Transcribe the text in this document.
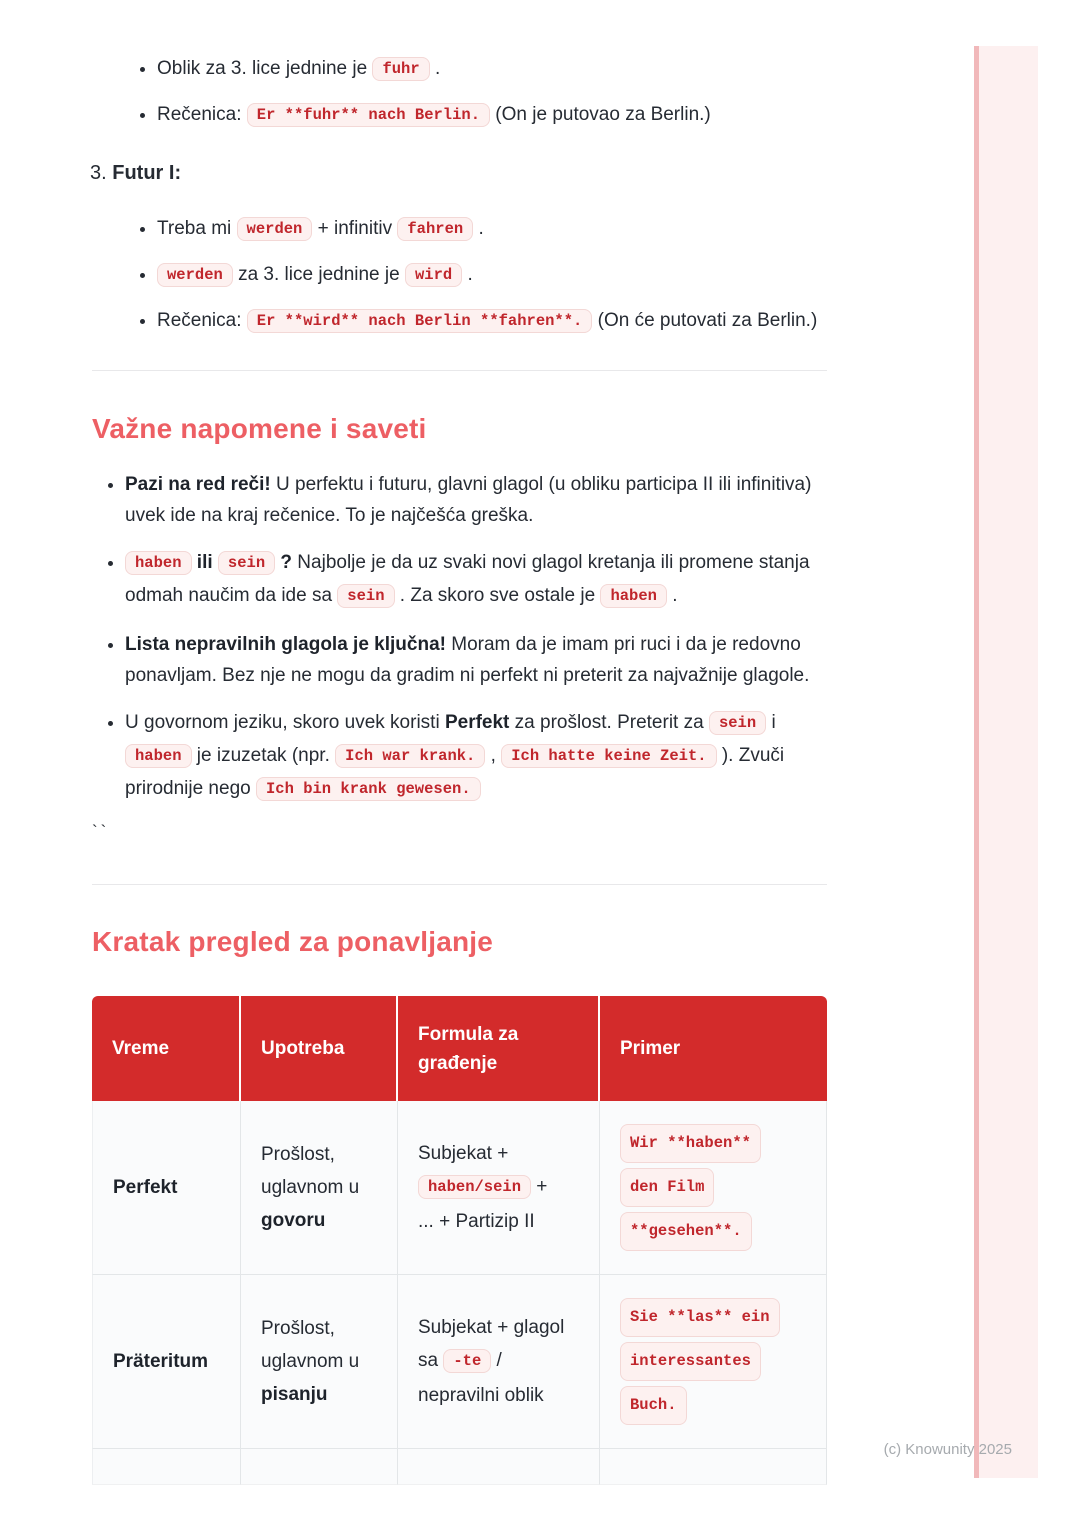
• Oblik za 3. lice jednine je fuhr .
• Rečenica: Er **fuhr** nach Berlin. (On je putovao za Berlin.)
3. Futur I:
• Treba mi werden + infinitiv fahren .
• werden za 3. lice jednine je wird .
• Rečenica: Er **wird** nach Berlin **fahren**. (On će putovati za Berlin.)
Važne napomene i saveti
• Pazi na red reči! U perfektu i futuru, glavni glagol (u obliku participa II ili infinitiva) uvek ide na kraj rečenice. To je najčešća greška.
• haben ili sein ? Najbolje je da uz svaki novi glagol kretanja ili promene stanja odmah naučim da ide sa sein . Za skoro sve ostale je haben .
• Lista nepravilnih glagola je ključna! Moram da je imam pri ruci i da je redovno ponavljam. Bez nje ne mogu da gradim ni perfekt ni preterit za najvažnije glagole.
• U govornom jeziku, skoro uvek koristi Perfekt za prošlost. Preterit za sein i haben je izuzetak (npr. Ich war krank. , Ich hatte keine Zeit. ). Zvuči prirodnije nego Ich bin krank gewesen.
``
Kratak pregled za ponavljanje
Vreme	Upotreba	Formula za građenje	Primer
Perfekt	Prošlost,
uglavnom u
govoru	Subjekat +
haben/sein +
... + Partizip II	Wir **haben**
den Film
**gesehen**.

Präteritum	Prošlost,
uglavnom u
pisanju	Subjekat + glagol
sa -te /
nepravilni oblik	Sie **las** ein
interessantes
Buch.

(c) Knowunity 2025
